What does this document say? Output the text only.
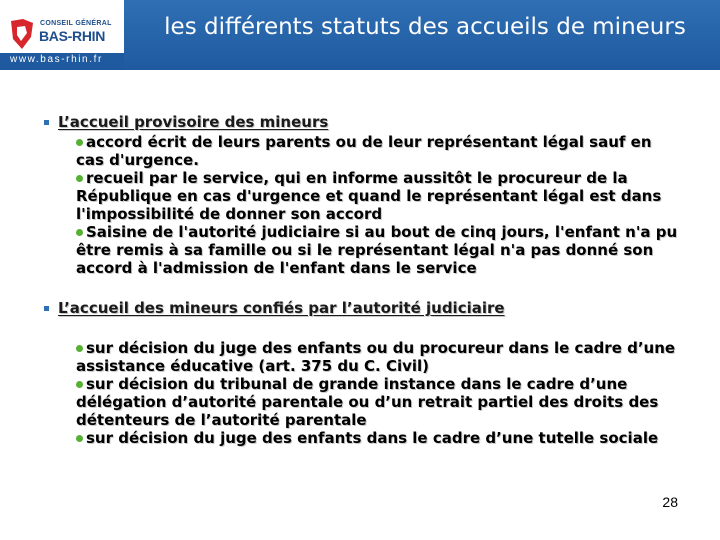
CONSEIL GÉNÉRAL
BAS-RHIN
www.bas-rhin.fr
les différents statuts des accueils de mineurs
L’accueil provisoire des mineurs

accord écrit de leurs parents ou de leur représentant légal sauf en cas d'urgence.

recueil par le service, qui en informe aussitôt le procureur de la République en cas d'urgence et quand le représentant légal est dans l'impossibilité de donner son accord

Saisine de l'autorité judiciaire si au bout de cinq jours, l'enfant n'a pu être remis à sa famille ou si le représentant légal n'a pas donné son accord à l'admission de l'enfant dans le service

L’accueil des mineurs confiés par l’autorité judiciaire

sur décision du juge des enfants ou du procureur dans le cadre d’une assistance éducative (art. 375 du C. Civil)

sur décision du tribunal de grande instance dans le cadre d’une délégation d’autorité parentale ou d’un retrait partiel des droits des détenteurs de l’autorité parentale

sur décision du juge des enfants dans le cadre d’une tutelle sociale

28
